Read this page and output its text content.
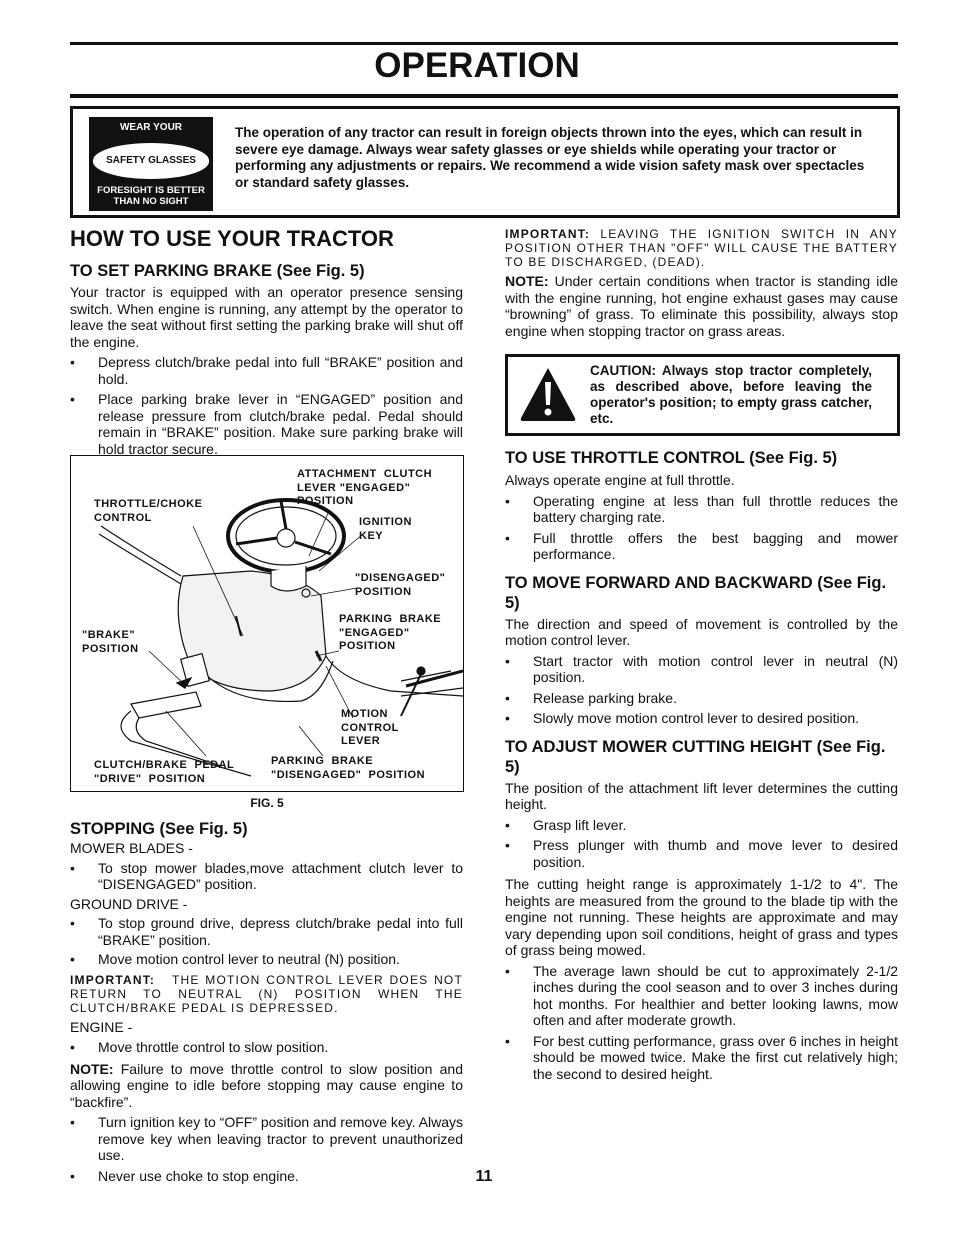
OPERATION
WEAR YOUR
SAFETY GLASSES
FORESIGHT IS BETTER THAN NO SIGHT
The operation of any tractor can result in foreign objects thrown into the eyes, which can result in severe eye damage. Always wear safety glasses or eye shields while operating your tractor or performing any adjustments or repairs. We recommend a wide vision safety mask over spectacles or standard safety glasses.
HOW TO USE YOUR TRACTOR
TO SET PARKING BRAKE (See Fig. 5)
Your tractor is equipped with an operator presence sensing switch. When engine is running, any attempt by the operator to leave the seat without first setting the parking brake will shut off the engine.
• Depress clutch/brake pedal into full “BRAKE” position and hold.
• Place parking brake lever in “ENGAGED” position and release pressure from clutch/brake pedal. Pedal should remain in “BRAKE” position. Make sure parking brake will hold tractor secure.
ATTACHMENT  CLUTCH
LEVER "ENGAGED"
POSITION
THROTTLE/CHOKE
CONTROL	IGNITION
KEY
"DISENGAGED"
POSITION
"BRAKE"
POSITION
PARKING  BRAKE
"ENGAGED"
POSITION
MOTION
CONTROL
LEVER
CLUTCH/BRAKE  PEDAL
"DRIVE"  POSITION
PARKING  BRAKE
"DISENGAGED"  POSITION
FIG. 5
STOPPING (See Fig. 5)
MOWER BLADES -
• To stop mower blades,move attachment clutch lever to “DISENGAGED” position.
GROUND DRIVE -
• To stop ground drive, depress clutch/brake pedal into full “BRAKE” position.
• Move motion control lever to neutral (N) position.
IMPORTANT: THE MOTION CONTROL LEVER DOES NOT RETURN TO NEUTRAL (N) POSITION WHEN THE CLUTCH/BRAKE PEDAL IS DEPRESSED.
ENGINE -
• Move throttle control to slow position.
NOTE: Failure to move throttle control to slow position and allowing engine to idle before stopping may cause engine to “backfire”.
• Turn ignition key to “OFF” position and remove key. Always remove key when leaving tractor to prevent unauthorized use.
• Never use choke to stop engine.
IMPORTANT: LEAVING THE IGNITION SWITCH IN ANY POSITION OTHER THAN "OFF" WILL CAUSE THE BATTERY TO BE DISCHARGED, (DEAD).
NOTE: Under certain conditions when tractor is standing idle with the engine running, hot engine exhaust gases may cause “browning” of grass. To eliminate this possibility, always stop engine when stopping tractor on grass areas.
CAUTION: Always stop tractor completely, as described above, before leaving the operator's position; to empty grass catcher, etc.
TO USE THROTTLE CONTROL (See Fig. 5)
Always operate engine at full throttle.
• Operating engine at less than full throttle reduces the battery charging rate.
• Full throttle offers the best bagging and mower performance.
TO MOVE FORWARD AND BACKWARD (See Fig. 5)
The direction and speed of movement is controlled by the motion control lever.
• Start tractor with motion control lever in neutral (N) position.
• Release parking brake.
• Slowly move motion control lever to desired position.
TO ADJUST MOWER CUTTING HEIGHT (See Fig. 5)
The position of the attachment lift lever determines the cutting height.
• Grasp lift lever.
• Press plunger with thumb and move lever to desired position.
The cutting height range is approximately 1-1/2 to 4". The heights are measured from the ground to the blade tip with the engine not running. These heights are approximate and may vary depending upon soil conditions, height of grass and types of grass being mowed.
• The average lawn should be cut to approximately 2-1/2 inches during the cool season and to over 3 inches during hot months. For healthier and better looking lawns, mow often and after moderate growth.
• For best cutting performance, grass over 6 inches in height should be mowed twice. Make the first cut relatively high; the second to desired height.
11
